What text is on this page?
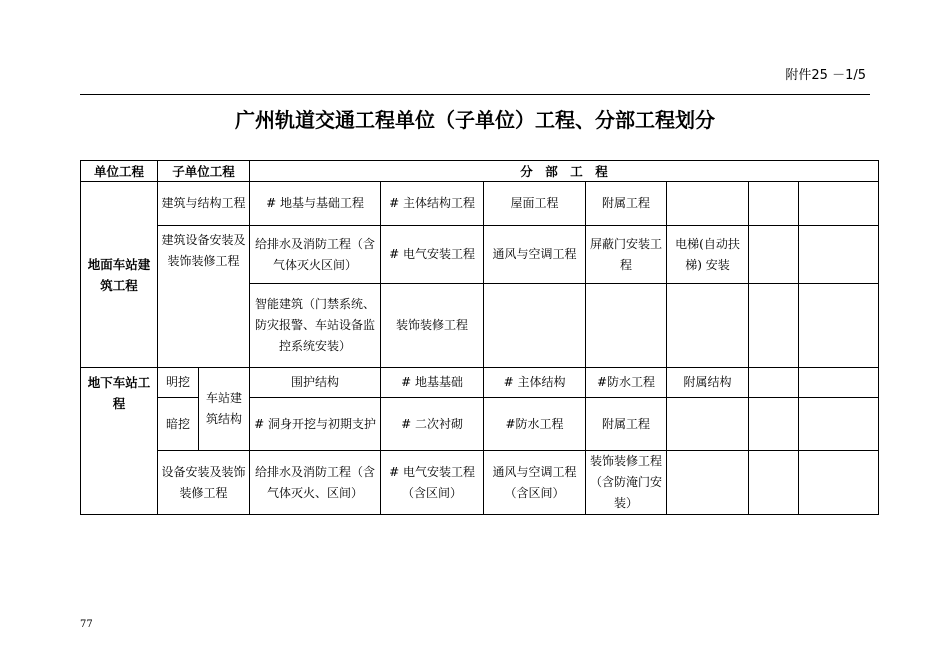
附件25 －1/5
广州轨道交通工程单位（子单位）工程、分部工程划分
单位工程	子单位工程		分　部　工　程						
地面车站建筑工程	建筑与结构工程		# 地基与基础工程	# 主体结构工程	屋面工程	附属工程			
	建筑设备安装及装饰装修工程		给排水及消防工程（含气体灭火区间）	# 电气安装工程	通风与空调工程	屏蔽门安装工程	电梯(自动扶梯) 安装		
			智能建筑（门禁系统、防灾报警、车站设备监控系统安装）	装饰装修工程					
地下车站工程	明挖	车站建筑结构	围护结构	# 地基基础	# 主体结构	#防水工程	附属结构		
	暗挖		# 洞身开挖与初期支护	# 二次衬砌	#防水工程	附属工程			
	设备安装及装饰装修工程		给排水及消防工程（含气体灭火、区间）	# 电气安装工程（含区间）	通风与空调工程（含区间）	装饰装修工程（含防淹门安装）			
77
